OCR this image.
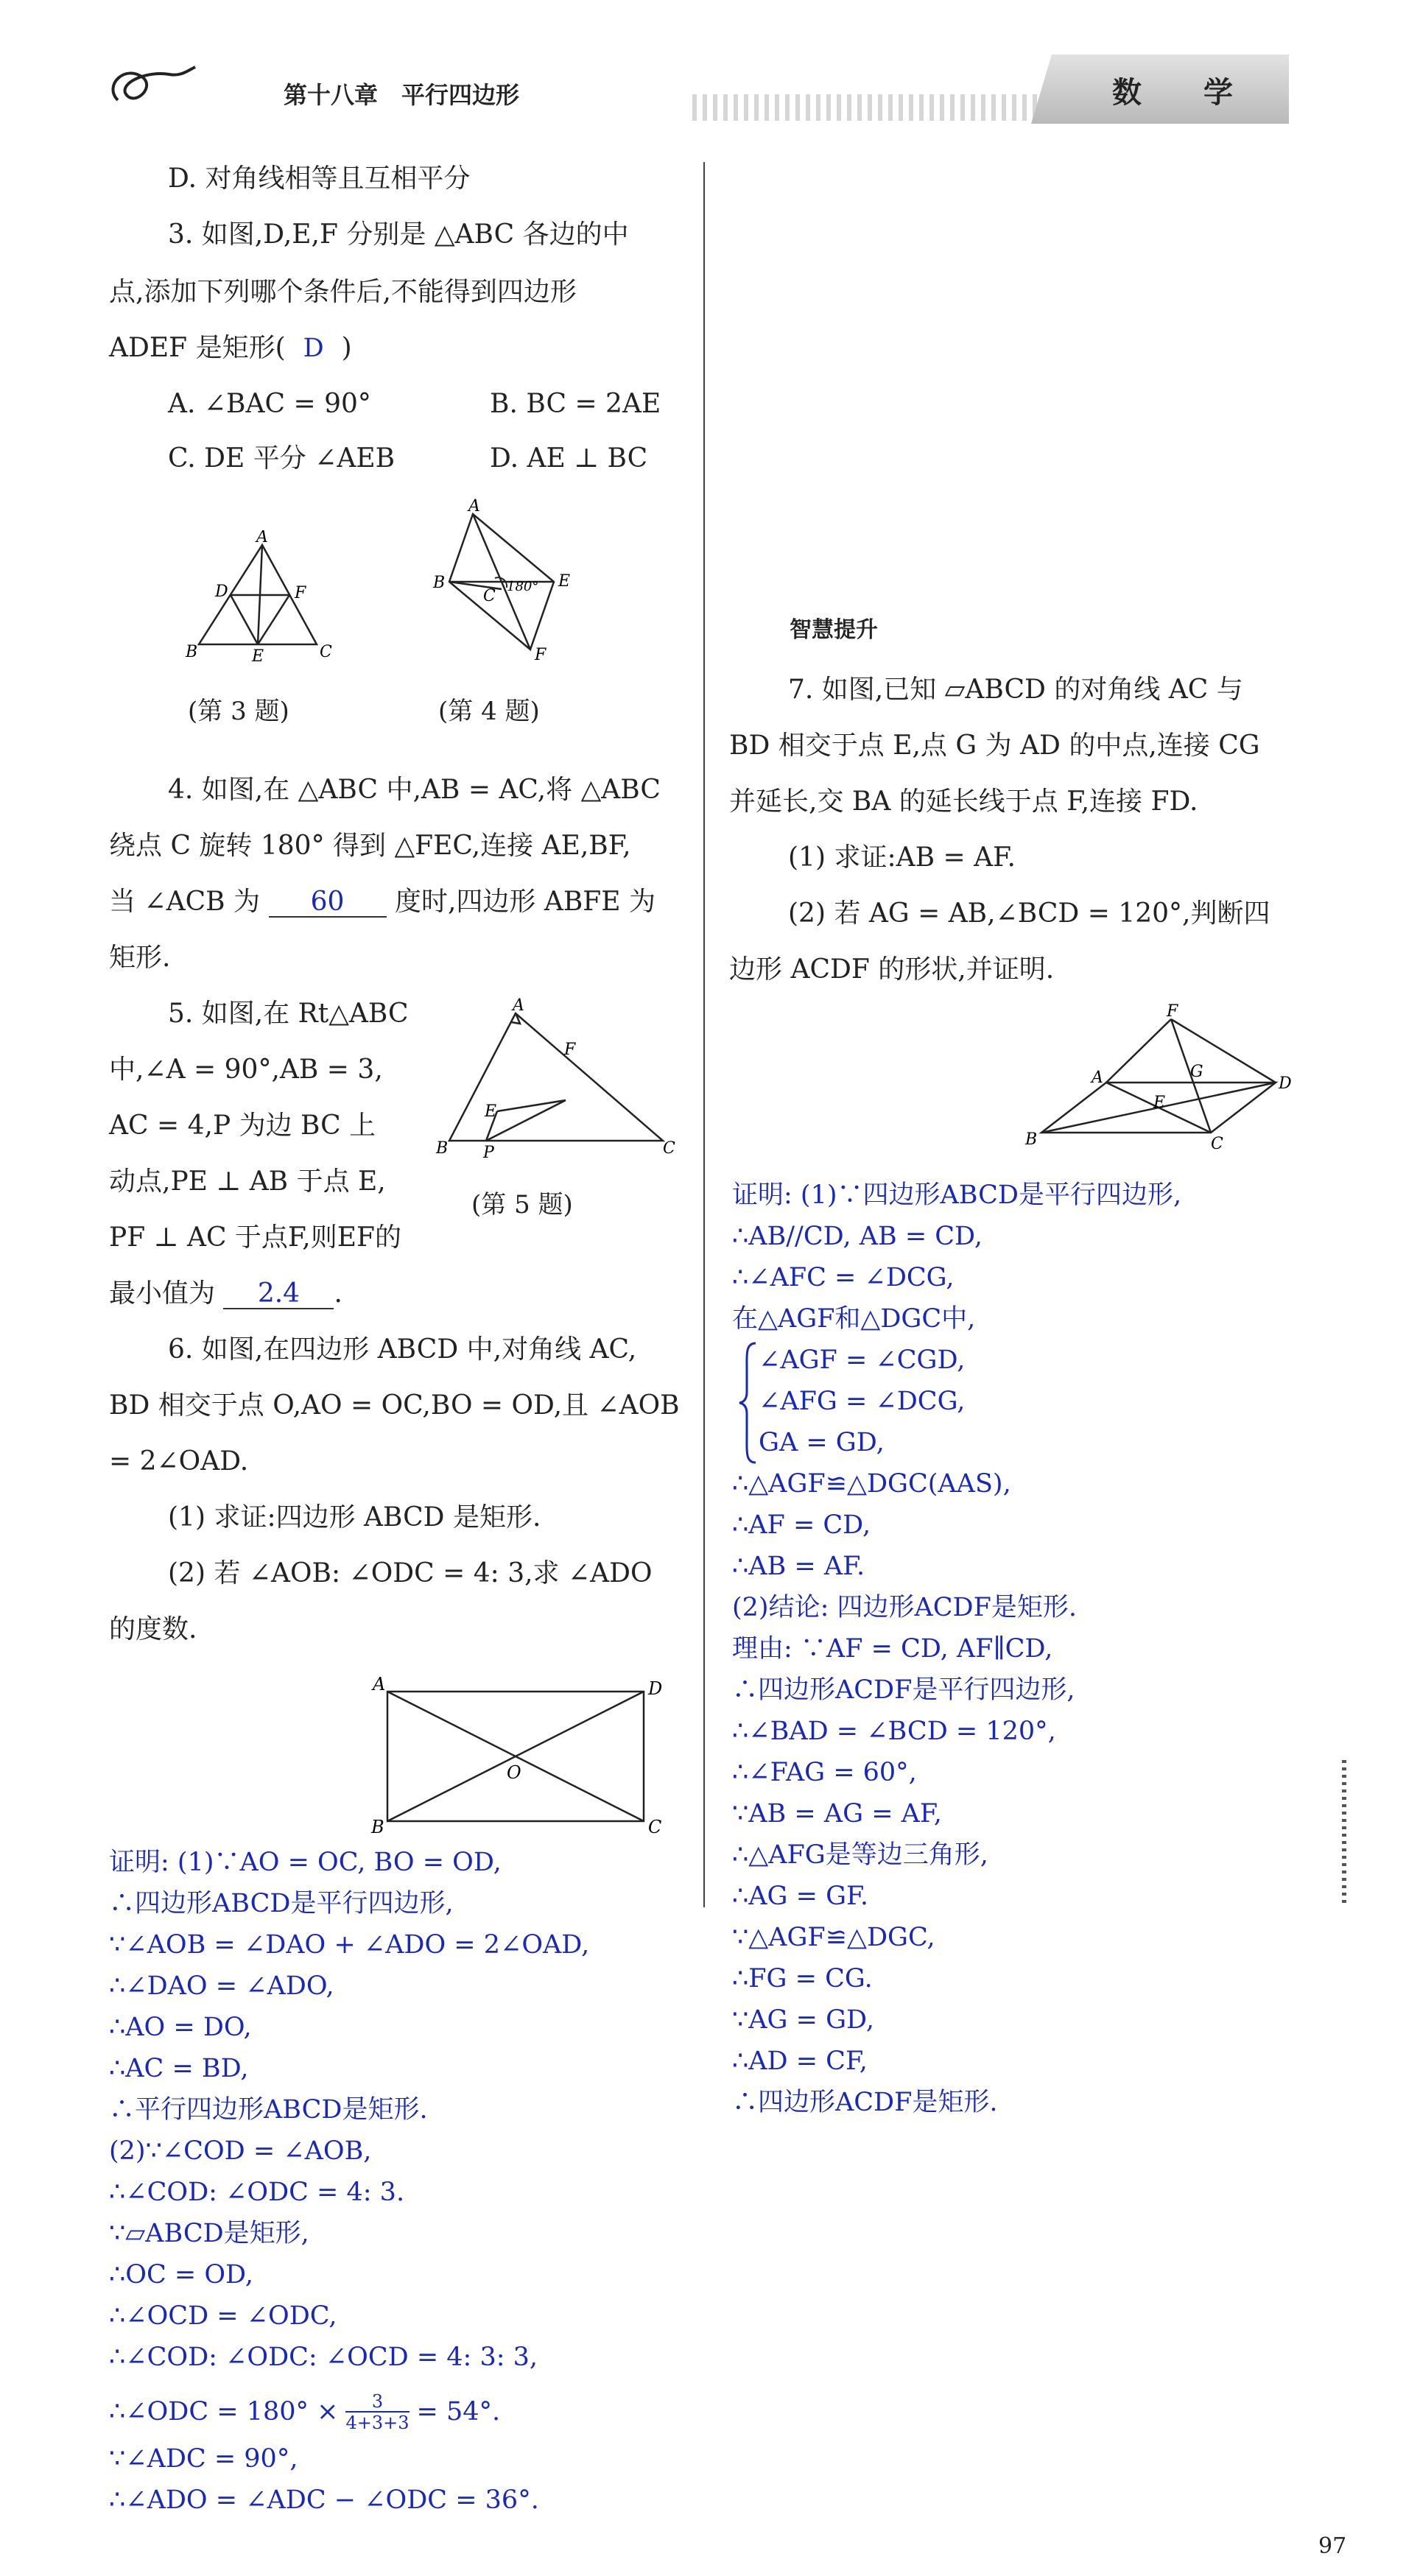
第十八章　平行四边形	数　学
D. 对角线相等且互相平分
3. 如图,D,E,F 分别是 △ABC 各边的中
点,添加下列哪个条件后,不能得到四边形
ADEF 是矩形( D )
A. ∠BAC = 90°	B. BC = 2AE
C. DE 平分 ∠AEB	D. AE ⊥ BC
A
D	F
B	E	C
180°
A
B
C
E
F
(第 3 题)	(第 4 题)
4. 如图,在 △ABC 中,AB = AC,将 △ABC
绕点 C 旋转 180° 得到 △FEC,连接 AE,BF,
当 ∠ACB 为 60 度时,四边形 ABFE 为
矩形.
5. 如图,在 Rt△ABC
中,∠A = 90°,AB = 3,
AC = 4,P 为边 BC 上
动点,PE ⊥ AB 于点 E,
PF ⊥ AC 于点F,则EF的
最小值为 2.4 .
A
F
E
B P	C
(第 5 题)
6. 如图,在四边形 ABCD 中,对角线 AC,
BD 相交于点 O,AO = OC,BO = OD,且 ∠AOB
= 2∠OAD.
(1) 求证:四边形 ABCD 是矩形.
(2) 若 ∠AOB: ∠ODC = 4: 3,求 ∠ADO
的度数.
A	D
O
B	C
证明: (1)∵AO = OC, BO = OD,
∴四边形ABCD是平行四边形,
∵∠AOB = ∠DAO + ∠ADO = 2∠OAD,
∴∠DAO = ∠ADO,
∴AO = DO,
∴AC = BD,
∴平行四边形ABCD是矩形.
(2)∵∠COD = ∠AOB,
∴∠COD: ∠ODC = 4: 3.
∵▱ABCD是矩形,
∴OC = OD,
∴∠OCD = ∠ODC,
∴∠COD: ∠ODC: ∠OCD = 4: 3: 3,
∴∠ODC = $180^\circ \times \frac{3}{4+3+3} = 54^\circ$.
∵∠ADC = 90°,
∴∠ADO = ∠ADC − ∠ODC = 36°.
智慧提升
7. 如图,已知 ▱ABCD 的对角线 AC 与
BD 相交于点 E,点 G 为 AD 的中点,连接 CG
并延长,交 BA 的延长线于点 F,连接 FD.
(1) 求证:AB = AF.
(2) 若 AG = AB,∠BCD = 120°,判断四
边形 ACDF 的形状,并证明.
F
A	G
E
D
B	C
证明: (1)∵四边形ABCD是平行四边形,
∴AB//CD, AB = CD,
∴∠AFC = ∠DCG,
在△AGF和△DGC中,
∠AGF = ∠CGD,
∠AFG = ∠DCG,
GA = GD,
∴△AGF≌△DGC(AAS),
∴AF = CD,
∴AB = AF.
(2)结论: 四边形ACDF是矩形.
理由: ∵AF = CD, AF∥CD,
∴四边形ACDF是平行四边形,
∴∠BAD = ∠BCD = 120°,
∴∠FAG = 60°,
∵AB = AG = AF,
∴△AFG是等边三角形,
∴AG = GF.
∵△AGF≌△DGC,
∴FG = CG.
∵AG = GD,
∴AD = CF,
∴四边形ACDF是矩形.
97
